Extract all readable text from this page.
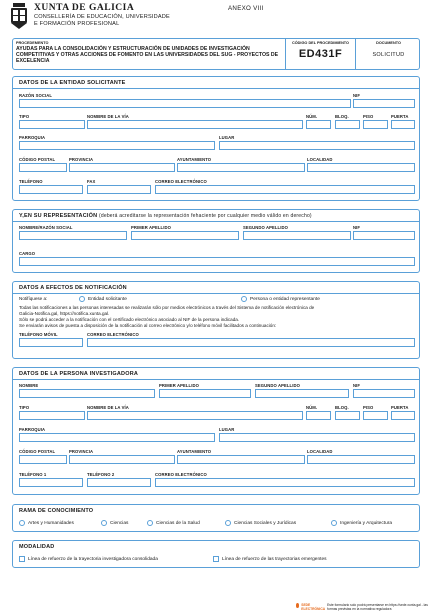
XUNTA DE GALICIA
CONSELLERÍA DE EDUCACIÓN, UNIVERSIDADE
E FORMACIÓN PROFESIONAL
ANEXO VIII
PROCEDEMENTO
AYUDAS PARA LA CONSOLIDACIÓN Y ESTRUCTURACIÓN DE UNIDADES DE INVESTIGACIÓN COMPETITIVAS Y OTRAS ACCIONES DE FOMENTO EN LAS UNIVERSIDADES DEL SUG - PROYECTOS DE EXCELENCIA
CÓDIGO DEL PROCEDIMIENTO
ED431F
DOCUMENTO
SOLICITUD
DATOS DE LA ENTIDAD SOLICITANTE
RAZÓN SOCIAL	NIF
TIPO	NOMBRE DE LA VÍA	NÚM.	BLOQ.	PISO	PUERTA
PARROQUIA	LUGAR
CÓDIGO POSTAL	PROVINCIA	AYUNTAMIENTO	LOCALIDAD
TELÉFONO	FAX	CORREO ELECTRÓNICO
Y,EN SU REPRESENTACIÓN (deberá acreditarse la representación fehaciente por cualquier medio válido en derecho)
NOMBRE/RAZÓN SOCIAL	PRIMER APELLIDO	SEGUNDO APELLIDO	NIF
CARGO
DATOS A EFECTOS DE NOTIFICACIÓN
Notifíquese a:	Entidad solicitante	Persona o entidad representante
Todas las notificaciones a las personas interesadas se realizarán sólo por medios electrónicos a través del Sistema de notificación electrónica de
Galicia-Notifica.gal, https://notifica.xunta.gal.
Sólo se podrá acceder a la notificación con el certificado electrónico asociado al NIF de la persona indicada.
Se enviarán avisos de puesta a disposición de la notificación al correo electrónico y/o teléfono móvil facilitados a continuación:
TELÉFONO MÓVIL	CORREO ELECTRÓNICO
DATOS DE LA PERSONA INVESTIGADORA
NOMBRE	PRIMER APELLIDO	SEGUNDO APELLIDO	NIF
TIPO	NOMBRE DE LA VÍA	NÚM.	BLOQ.	PISO	PUERTA
PARROQUIA	LUGAR
CÓDIGO POSTAL	PROVINCIA	AYUNTAMIENTO	LOCALIDAD
TELÉFONO 1	TELÉFONO 2	CORREO ELECTRÓNICO
RAMA DE CONOCIMIENTO
Artes y Humanidades	Ciencias	Ciencias de la Salud	Ciencias Sociales y Jurídicas	Ingeniería y Arquitectura
MODALIDAD
Línea de refuerzo de la trayectoria investigadora consolidada	Línea de refuerzo de las trayectorias emergentes
SEDE ELECTRÓNICA
Este formulario solo podrá presentarse en https://sede.xunta.gal - las formas previstas en la normativa reguladora
